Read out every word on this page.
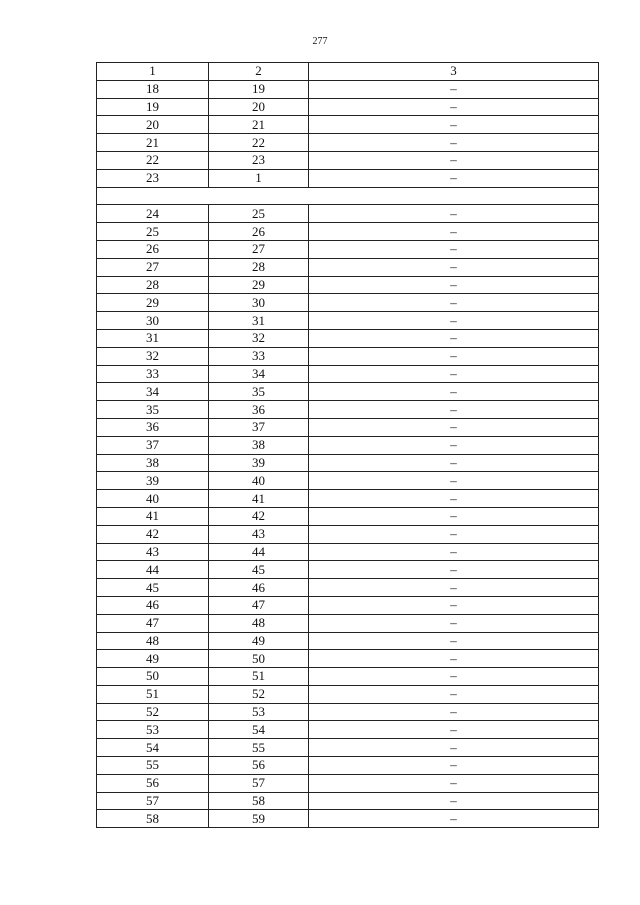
277
1	2	3
18	19	–
19	20	–
20	21	–
21	22	–
22	23	–
23	1	–

24	25	–
25	26	–
26	27	–
27	28	–
28	29	–
29	30	–
30	31	–
31	32	–
32	33	–
33	34	–
34	35	–
35	36	–
36	37	–
37	38	–
38	39	–
39	40	–
40	41	–
41	42	–
42	43	–
43	44	–
44	45	–
45	46	–
46	47	–
47	48	–
48	49	–
49	50	–
50	51	–
51	52	–
52	53	–
53	54	–
54	55	–
55	56	–
56	57	–
57	58	–
58	59	–
